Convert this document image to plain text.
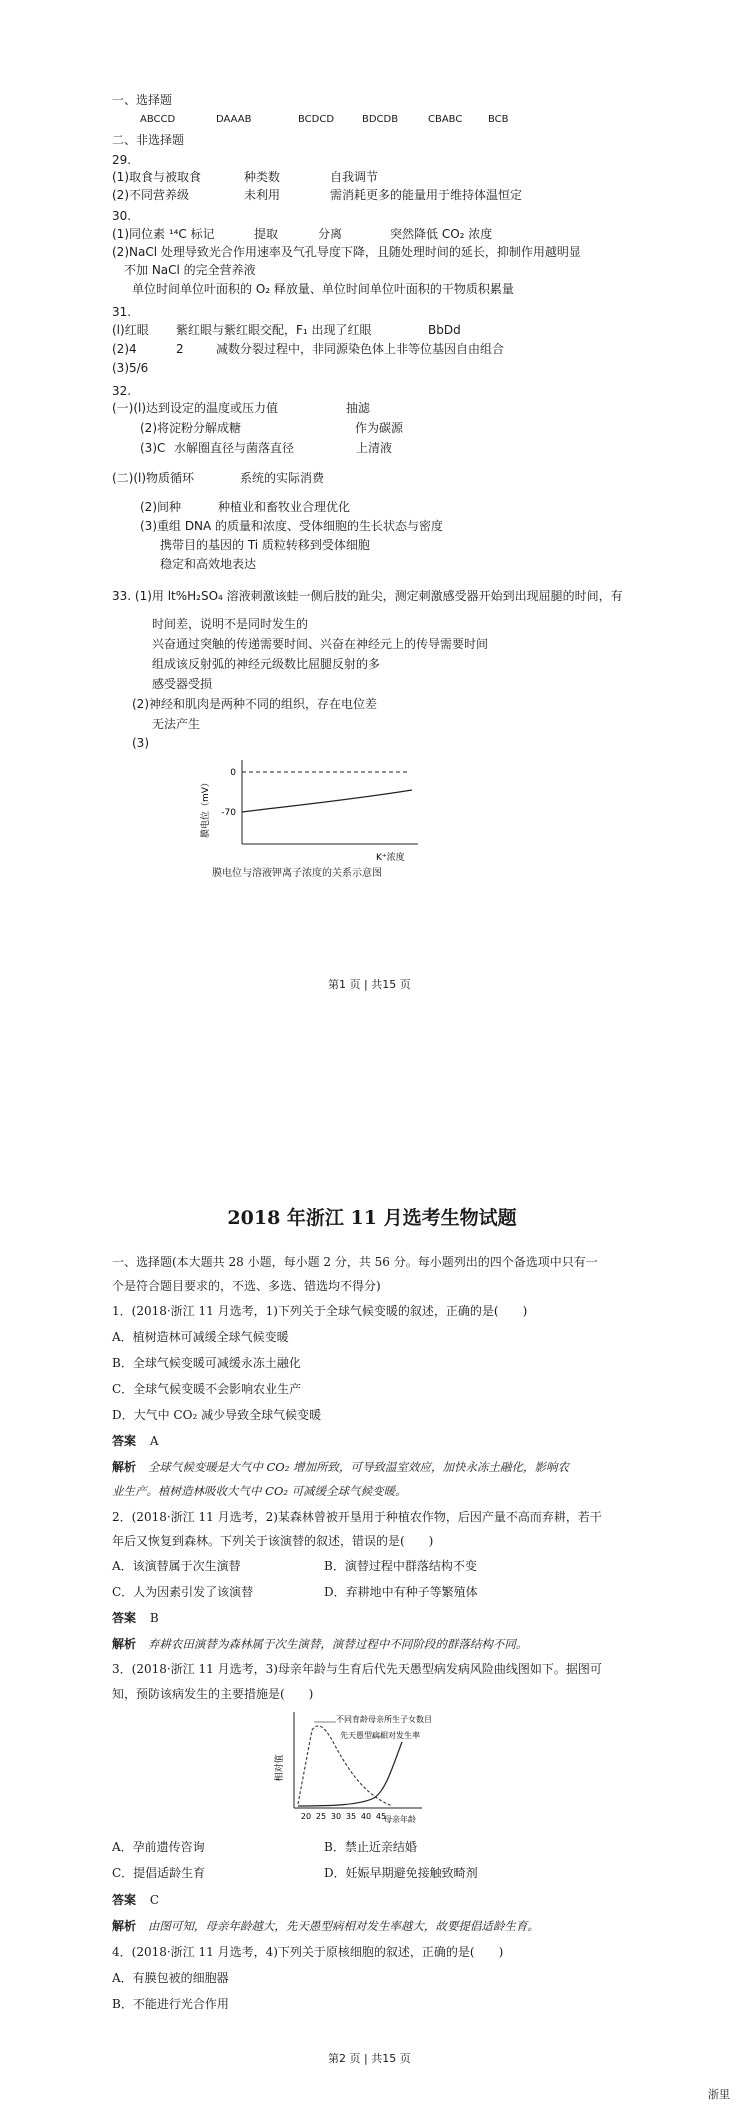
一、选择题
ABCCD	DAAAB	BCDCD	BDCDB	CBABC	BCB
二、非选择题
29.
(1)取食与被取食	种类数	自我调节
(2)不同营养级	未利用	需消耗更多的能量用于维持体温恒定
30.
(1)同位素 ¹⁴C 标记	提取	分离	突然降低 CO₂ 浓度
(2)NaCl 处理导致光合作用速率及气孔导度下降，且随处理时间的延长，抑制作用越明显
不加 NaCl 的完全营养液
单位时间单位叶面积的 O₂ 释放量、单位时间单位叶面积的干物质积累量
31.
(l)红眼 紫红眼与紫红眼交配，F₁ 出现了红眼	BbDd
(2)4	2	减数分裂过程中，非同源染色体上非等位基因自由组合
(3)5/6
32.
(一)(l)达到设定的温度或压力值	抽滤
(2)将淀粉分解成糖	作为碳源
(3)C 水解圈直径与菌落直径	上清液
(二)(l)物质循环	系统的实际消费
(2)间种	种植业和畜牧业合理优化
(3)重组 DNA 的质量和浓度、受体细胞的生长状态与密度
携带目的基因的 Ti 质粒转移到受体细胞
稳定和高效地表达
33. (1)用 lt%H₂SO₄ 溶液刺激该蛙一侧后肢的趾尖，测定刺激感受器开始到出现屈腿的时间，有
时间差，说明不是同时发生的
兴奋通过突触的传递需要时间、兴奋在神经元上的传导需要时间
组成该反射弧的神经元级数比屈腿反射的多
感受器受损
(2)神经和肌肉是两种不同的组织，存在电位差
无法产生
(3)
膜电位（mV）
0
-70
K⁺浓度
膜电位与溶液钾离子浓度的关系示意图
第1 页 | 共15 页
2018 年浙江 11 月选考生物试题
一、选择题(本大题共 28 小题，每小题 2 分，共 56 分。每小题列出的四个备选项中只有一
个是符合题目要求的，不选、多选、错选均不得分)
1．(2018·浙江 11 月选考，1)下列关于全球气候变暖的叙述，正确的是(　　)
A．植树造林可减缓全球气候变暖
B．全球气候变暖可减缓永冻土融化
C．全球气候变暖不会影响农业生产
D．大气中 CO₂ 减少导致全球气候变暖
答案 A
解析 全球气候变暖是大气中 CO₂ 增加所致，可导致温室效应，加快永冻土融化，影响农
业生产。植树造林吸收大气中 CO₂ 可减缓全球气候变暖。
2．(2018·浙江 11 月选考，2)某森林曾被开垦用于种植农作物，后因产量不高而弃耕，若干
年后又恢复到森林。下列关于该演替的叙述，错误的是(　　)
A．该演替属于次生演替	B．演替过程中群落结构不变
C．人为因素引发了该演替	D．弃耕地中有种子等繁殖体
答案 B
解析 弃耕农田演替为森林属于次生演替，演替过程中不同阶段的群落结构不同。
3．(2018·浙江 11 月选考，3)母亲年龄与生育后代先天愚型病发病风险曲线图如下。据图可
知，预防该病发生的主要措施是(　　)
相对值
不同育龄母亲所生子女数目
先天愚型病相对发生率
20 25 30 35 40 45
母亲年龄
A．孕前遗传咨询	B．禁止近亲结婚
C．提倡适龄生育	D．妊娠早期避免接触致畸剂
答案 C
解析 由图可知，母亲年龄越大，先天愚型病相对发生率越大，故要提倡适龄生育。
4．(2018·浙江 11 月选考，4)下列关于原核细胞的叙述，正确的是(　　)
A．有膜包被的细胞器
B．不能进行光合作用
第2 页 | 共15 页
浙里
